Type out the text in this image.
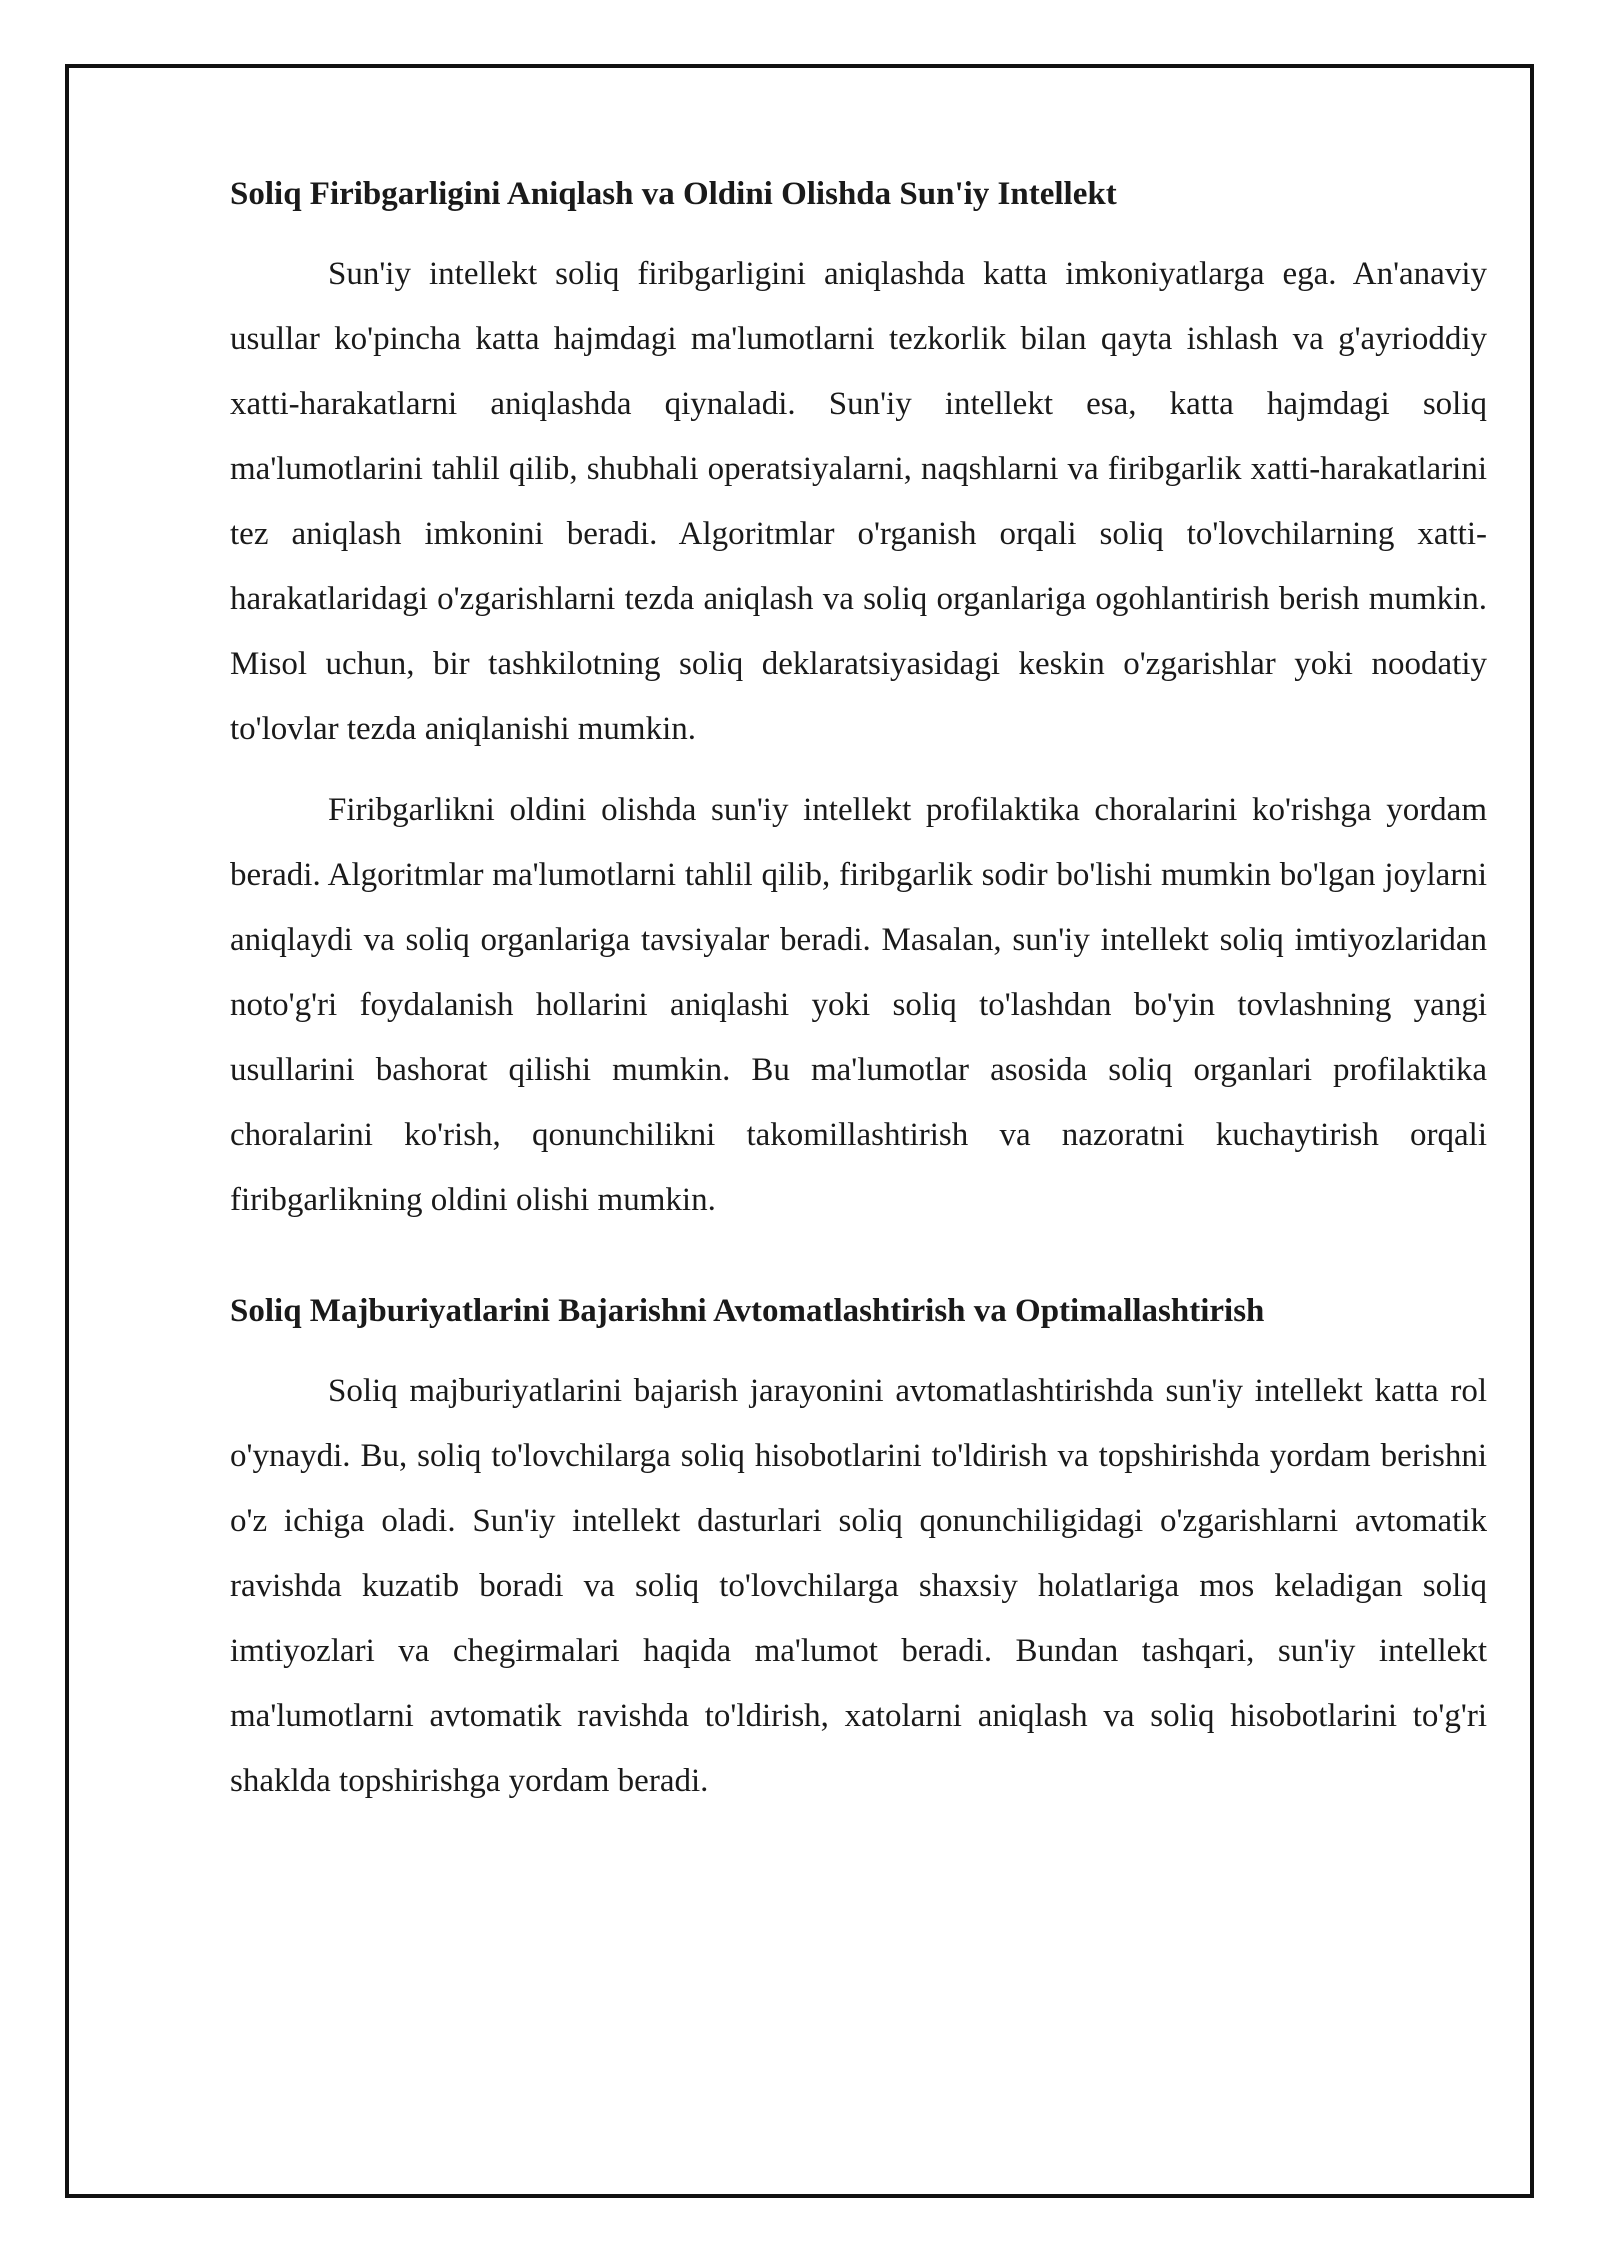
Soliq Firibgarligini Aniqlash va Oldini Olishda Sun'iy Intellekt

Sun'iy intellekt soliq firibgarligini aniqlashda katta imkoniyatlarga ega. An'anaviy usullar ko'pincha katta hajmdagi ma'lumotlarni tezkorlik bilan qayta ishlash va g'ayrioddiy xatti-harakatlarni aniqlashda qiynaladi. Sun'iy intellekt esa, katta hajmdagi soliq ma'lumotlarini tahlil qilib, shubhali operatsiyalarni, naqshlarni va firibgarlik xatti-harakatlarini tez aniqlash imkonini beradi. Algoritmlar o'rganish orqali soliq to'lovchilarning xatti-harakatlaridagi o'zgarishlarni tezda aniqlash va soliq organlariga ogohlantirish berish mumkin. Misol uchun, bir tashkilotning soliq deklaratsiyasidagi keskin o'zgarishlar yoki noodatiy to'lovlar tezda aniqlanishi mumkin.

Firibgarlikni oldini olishda sun'iy intellekt profilaktika choralarini ko'rishga yordam beradi. Algoritmlar ma'lumotlarni tahlil qilib, firibgarlik sodir bo'lishi mumkin bo'lgan joylarni aniqlaydi va soliq organlariga tavsiyalar beradi. Masalan, sun'iy intellekt soliq imtiyozlaridan noto'g'ri foydalanish hollarini aniqlashi yoki soliq to'lashdan bo'yin tovlashning yangi usullarini bashorat qilishi mumkin. Bu ma'lumotlar asosida soliq organlari profilaktika choralarini ko'rish, qonunchilikni takomillashtirish va nazoratni kuchaytirish orqali firibgarlikning oldini olishi mumkin.

Soliq Majburiyatlarini Bajarishni Avtomatlashtirish va Optimallashtirish

Soliq majburiyatlarini bajarish jarayonini avtomatlashtirishda sun'iy intellekt katta rol o'ynaydi. Bu, soliq to'lovchilarga soliq hisobotlarini to'ldirish va topshirishda yordam berishni o'z ichiga oladi. Sun'iy intellekt dasturlari soliq qonunchiligidagi o'zgarishlarni avtomatik ravishda kuzatib boradi va soliq to'lovchilarga shaxsiy holatlariga mos keladigan soliq imtiyozlari va chegirmalari haqida ma'lumot beradi. Bundan tashqari, sun'iy intellekt ma'lumotlarni avtomatik ravishda to'ldirish, xatolarni aniqlash va soliq hisobotlarini to'g'ri shaklda topshirishga yordam beradi.
